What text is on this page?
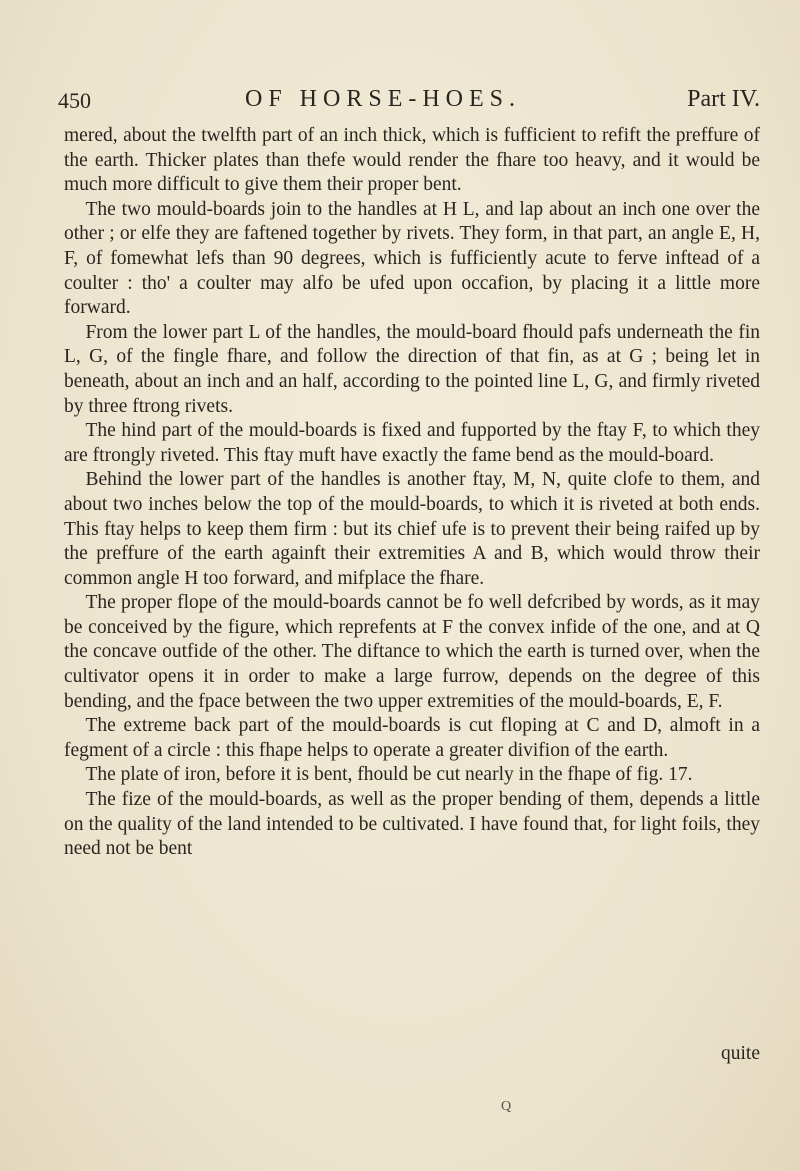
450	OF HORSE-HOES.	Part IV.

mered, about the twelfth part of an inch thick, which is fufficient to refift the preffure of the earth. Thicker plates than thefe would render the fhare too heavy, and it would be much more difficult to give them their proper bent.

The two mould-boards join to the handles at H L, and lap about an inch one over the other ; or elfe they are faftened together by rivets. They form, in that part, an angle E, H, F, of fomewhat lefs than 90 degrees, which is fufficiently acute to ferve inftead of a coulter : tho' a coulter may alfo be ufed upon occafion, by placing it a little more forward.

From the lower part L of the handles, the mould-board fhould pafs underneath the fin L, G, of the fingle fhare, and follow the direction of that fin, as at G ; being let in beneath, about an inch and an half, according to the pointed line L, G, and firmly riveted by three ftrong rivets.

The hind part of the mould-boards is fixed and fupported by the ftay F, to which they are ftrongly riveted. This ftay muft have exactly the fame bend as the mould-board.

Behind the lower part of the handles is another ftay, M, N, quite clofe to them, and about two inches below the top of the mould-boards, to which it is riveted at both ends. This ftay helps to keep them firm : but its chief ufe is to prevent their being raifed up by the preffure of the earth againft their extremities A and B, which would throw their common angle H too forward, and mifplace the fhare.

The proper flope of the mould-boards cannot be fo well defcribed by words, as it may be conceived by the figure, which reprefents at F the convex infide of the one, and at Q the concave outfide of the other. The diftance to which the earth is turned over, when the cultivator opens it in order to make a large furrow, depends on the degree of this bending, and the fpace between the two upper extremities of the mould-boards, E, F.

The extreme back part of the mould-boards is cut floping at C and D, almoft in a fegment of a circle : this fhape helps to operate a greater divifion of the earth.

The plate of iron, before it is bent, fhould be cut nearly in the fhape of fig. 17.

The fize of the mould-boards, as well as the proper bending of them, depends a little on the quality of the land intended to be cultivated. I have found that, for light foils, they need not be bent

quite
Q
